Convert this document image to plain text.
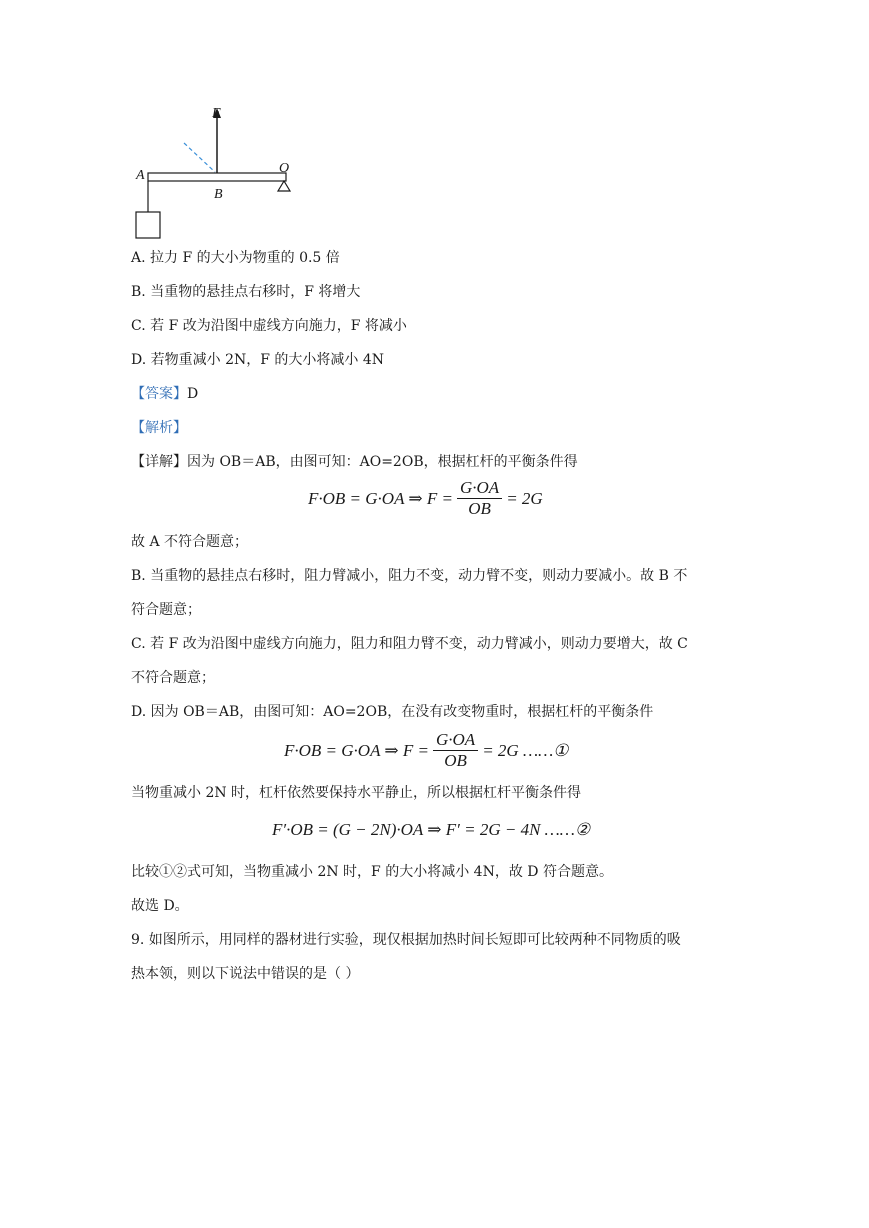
F
A	O
B
A. 拉力 F 的大小为物重的 0.5 倍
B. 当重物的悬挂点右移时，F 将增大
C. 若 F 改为沿图中虚线方向施力，F 将减小
D. 若物重减小 2N，F 的大小将减小 4N
【答案】D
【解析】
【详解】因为 OB＝AB，由图可知：AO=2OB，根据杠杆的平衡条件得
F·OB = G·OA ⇒ $F = \frac{G\cdot OA}{OB} = 2G$
故 A 不符合题意；
B. 当重物的悬挂点右移时，阻力臂减小，阻力不变，动力臂不变，则动力要减小。故 B 不
符合题意；
C. 若 F 改为沿图中虚线方向施力，阻力和阻力臂不变，动力臂减小，则动力要增大，故 C
不符合题意；
D. 因为 OB＝AB，由图可知：AO=2OB，在没有改变物重时，根据杠杆的平衡条件
F·OB = G·OA ⇒ $F = \frac{G\cdot OA}{OB} = 2G$ ……①
当物重减小 2N 时，杠杆依然要保持水平静止，所以根据杠杆平衡条件得
F′·OB = (G − 2N)·OA ⇒ F′ = 2G − 4N ……②
比较①②式可知，当物重减小 2N 时，F 的大小将减小 4N，故 D 符合题意。
故选 D。
9. 如图所示，用同样的器材进行实验，现仅根据加热时间长短即可比较两种不同物质的吸
热本领，则以下说法中错误的是（ ）
